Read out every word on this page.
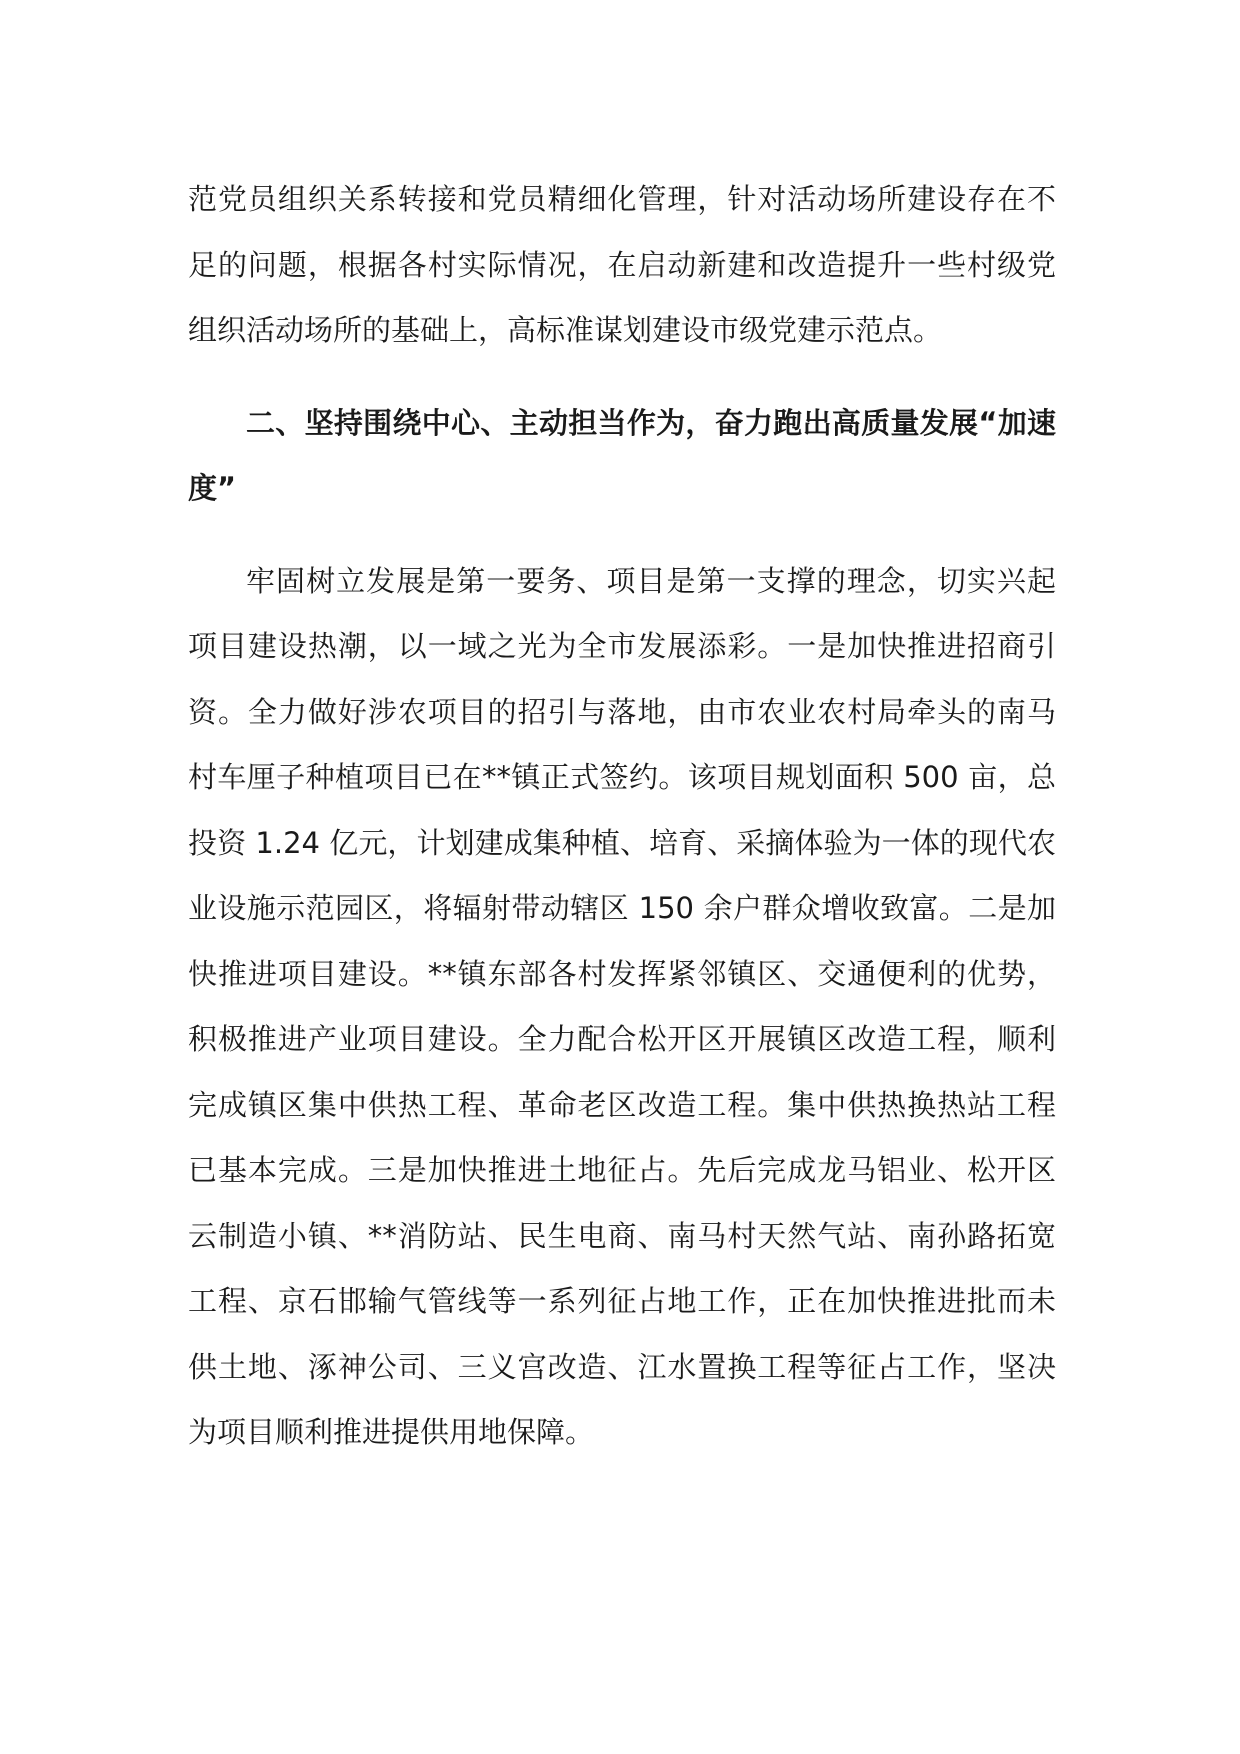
范党员组织关系转接和党员精细化管理，针对活动场所建设存在不足的问题，根据各村实际情况，在启动新建和改造提升一些村级党组织活动场所的基础上，高标准谋划建设市级党建示范点。

二、坚持围绕中心、主动担当作为，奋力跑出高质量发展“加速度”

牢固树立发展是第一要务、项目是第一支撑的理念，切实兴起项目建设热潮，以一域之光为全市发展添彩。一是加快推进招商引资。全力做好涉农项目的招引与落地，由市农业农村局牵头的南马村车厘子种植项目已在**镇正式签约。该项目规划面积 500 亩，总投资 1.24 亿元，计划建成集种植、培育、采摘体验为一体的现代农业设施示范园区，将辐射带动辖区 150 余户群众增收致富。二是加快推进项目建设。**镇东部各村发挥紧邻镇区、交通便利的优势，积极推进产业项目建设。全力配合松开区开展镇区改造工程，顺利完成镇区集中供热工程、革命老区改造工程。集中供热换热站工程已基本完成。三是加快推进土地征占。先后完成龙马铝业、松开区云制造小镇、**消防站、民生电商、南马村天然气站、南孙路拓宽工程、京石邯输气管线等一系列征占地工作，正在加快推进批而未供土地、涿神公司、三义宫改造、江水置换工程等征占工作，坚决为项目顺利推进提供用地保障。
